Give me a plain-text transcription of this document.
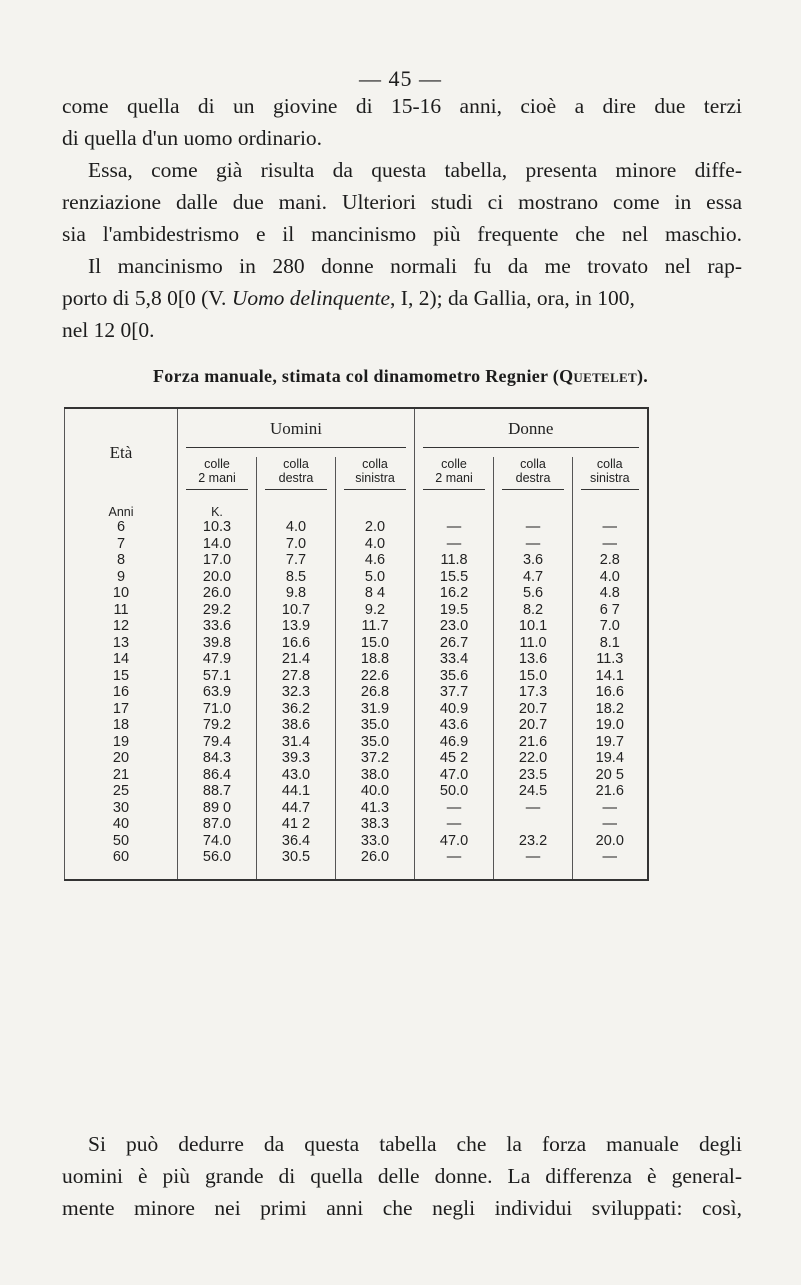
— 45 —
come quella di un giovine di 15-16 anni, cioè a dire due terzi
di quella d'un uomo ordinario.
Essa, come già risulta da questa tabella, presenta minore diffe-
renziazione dalle due mani. Ulteriori studi ci mostrano come in essa
sia l'ambidestrismo e il mancinismo più frequente che nel maschio.
Il mancinismo in 280 donne normali fu da me trovato nel rap-
porto di 5,8 0[0 (V. Uomo delinquente, I, 2); da Gallia, ora, in 100,
nel 12 0[0.
Forza manuale, stimata col dinamometro Regnier (Quetelet).
Età	Uomini			Donne		

	colle
2 mani	colla
destra	colla
sinistra	colle
2 mani	colla
destra	colla
sinistra

Anni	K.					
6	10.3	4.0	2.0	—	—	—
7	14.0	7.0	4.0	—	—	—
8	17.0	7.7	4.6	11.8	3.6	2.8
9	20.0	8.5	5.0	15.5	4.7	4.0
10	26.0	9.8	8 4	16.2	5.6	4.8
11	29.2	10.7	9.2	19.5	8.2	6 7
12	33.6	13.9	11.7	23.0	10.1	7.0
13	39.8	16.6	15.0	26.7	11.0	8.1
14	47.9	21.4	18.8	33.4	13.6	11.3
15	57.1	27.8	22.6	35.6	15.0	14.1
16	63.9	32.3	26.8	37.7	17.3	16.6
17	71.0	36.2	31.9	40.9	20.7	18.2
18	79.2	38.6	35.0	43.6	20.7	19.0
19	79.4	31.4	35.0	46.9	21.6	19.7
20	84.3	39.3	37.2	45 2	22.0	19.4
21	86.4	43.0	38.0	47.0	23.5	20 5
25	88.7	44.1	40.0	50.0	24.5	21.6
30	89 0	44.7	41.3	—	—	—
40	87.0	41 2	38.3	—		—
50	74.0	36.4	33.0	47.0	23.2	20.0
60	56.0	30.5	26.0	—	—	—
Si può dedurre da questa tabella che la forza manuale degli
uomini è più grande di quella delle donne. La differenza è general-
mente minore nei primi anni che negli individui sviluppati: così,
